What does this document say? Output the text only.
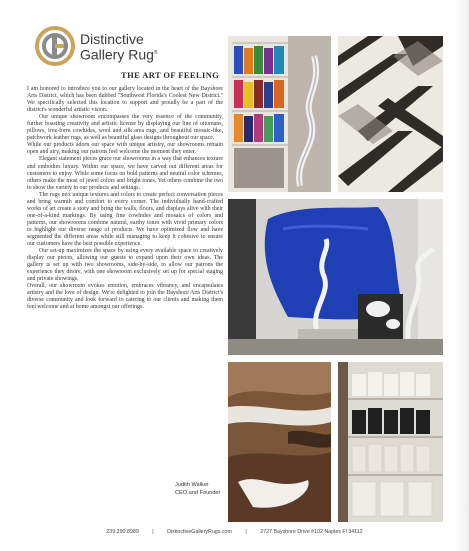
Distinctive
Gallery Rug®
THE ART OF FEELING

I am honored to introduce you to our gallery located in the heart of the Bayshore Arts District, which has been dubbed "Southwest Florida's Coolest New District." We specifically selected this location to support and proudly be a part of the district's wonderful artistic vision.

Our unique showroom encompasses the very essence of the community, further boasting creativity and artistic license by displaying our line of ottomans, pillows, free-form cowhides, wool and silk area rugs, and beautiful mosaic-like, patchwork leather rugs, as well as beautiful glass designs throughout our space.

While our products adorn our space with unique artistry, our showrooms remain open and airy, making our patrons feel welcome the moment they enter.

Elegant statement pieces grace our showrooms in a way that enhances texture and embodies luxury. Within our space, we have carved out different areas for customers to enjoy. While some focus on bold patterns and neutral color schemes, others make the most of jewel colors and bright tones. Yet others combine the two to show the variety in our products and settings.

The rugs mix unique textures and colors to create perfect conversation pieces and bring warmth and comfort to every corner. The individually hand-crafted works of art create a story and bring the walls, floors, and displays alive with their one-of-a-kind markings. By using fine cowhides and mosaics of colors and patterns, our showrooms combine natural, earthy tones with vivid primary colors to highlight our diverse range of products. We have optimized flow and have segmented the different areas while still managing to keep it cohesive to ensure our customers have the best possible experience.

Our set-up maximizes the space by using every available space to creatively display our pieces, allowing our guests to expand upon their own ideas. The gallery is set up with two showrooms, side-by-side, to allow our patrons the experience they desire, with one showroom exclusively set up for special staging and private showings.

Overall, our showroom evokes emotion, embraces vibrancy, and encapsulates artistry and the love of design. We're delighted to join the Bayshore Arts District's diverse community and look forward to catering to our clients and making them feel welcome and at home amongst our offerings.

Judith Walker
CEO and Founder
239.290.8989	|	DistinctiveGalleryRugs.com	|	2727 Bayshore Drive #102 Naples Fl 34112
